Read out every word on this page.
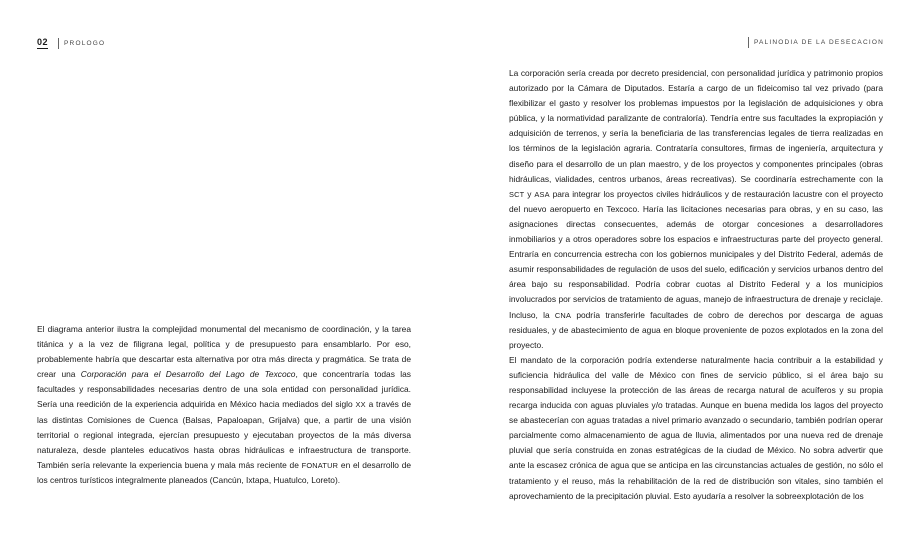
02 PROLOGO

El diagrama anterior ilustra la complejidad monumental del mecanismo de coordinación, y la tarea titánica y a la vez de filigrana legal, política y de presupuesto para ensamblarlo. Por eso, probablemente habría que descartar esta alternativa por otra más directa y pragmática. Se trata de crear una Corporación para el Desarrollo del Lago de Texcoco, que concentraría todas las facultades y responsabilidades necesarias dentro de una sola entidad con personalidad jurídica. Sería una reedición de la experiencia adquirida en México hacia mediados del siglo XX a través de las distintas Comisiones de Cuenca (Balsas, Papaloapan, Grijalva) que, a partir de una visión territorial o regional integrada, ejercían presupuesto y ejecutaban proyectos de la más diversa naturaleza, desde planteles educativos hasta obras hidráulicas e infraestructura de transporte. También sería relevante la experiencia buena y mala más reciente de FONATUR en el desarrollo de los centros turísticos integralmente planeados (Cancún, Ixtapa, Huatulco, Loreto).

PALINODIA DE LA DESECACION

La corporación sería creada por decreto presidencial, con personalidad jurídica y patrimonio propios autorizado por la Cámara de Diputados. Estaría a cargo de un fideicomiso tal vez privado (para flexibilizar el gasto y resolver los problemas impuestos por la legislación de adquisiciones y obra pública, y la normatividad paralizante de contraloría). Tendría entre sus facultades la expropiación y adquisición de terrenos, y sería la beneficiaria de las transferencias legales de tierra realizadas en los términos de la legislación agraria. Contrataría consultores, firmas de ingeniería, arquitectura y diseño para el desarrollo de un plan maestro, y de los proyectos y componentes principales (obras hidráulicas, vialidades, centros urbanos, áreas recreativas). Se coordinaría estrechamente con la SCT y ASA para integrar los proyectos civiles hidráulicos y de restauración lacustre con el proyecto del nuevo aeropuerto en Texcoco. Haría las licitaciones necesarias para obras, y en su caso, las asignaciones directas consecuentes, además de otorgar concesiones a desarrolladores inmobiliarios y a otros operadores sobre los espacios e infraestructuras parte del proyecto general. Entraría en concurrencia estrecha con los gobiernos municipales y del Distrito Federal, además de asumir responsabilidades de regulación de usos del suelo, edificación y servicios urbanos dentro del área bajo su responsabilidad. Podría cobrar cuotas al Distrito Federal y a los municipios involucrados por servicios de tratamiento de aguas, manejo de infraestructura de drenaje y reciclaje. Incluso, la CNA podría transferirle facultades de cobro de derechos por descarga de aguas residuales, y de abastecimiento de agua en bloque proveniente de pozos explotados en la zona del proyecto.

El mandato de la corporación podría extenderse naturalmente hacia contribuir a la estabilidad y suficiencia hidráulica del valle de México con fines de servicio público, si el área bajo su responsabilidad incluyese la protección de las áreas de recarga natural de acuíferos y su propia recarga inducida con aguas pluviales y/o tratadas. Aunque en buena medida los lagos del proyecto se abastecerían con aguas tratadas a nivel primario avanzado o secundario, también podrían operar parcialmente como almacenamiento de agua de lluvia, alimentados por una nueva red de drenaje pluvial que sería construida en zonas estratégicas de la ciudad de México. No sobra advertir que ante la escasez crónica de agua que se anticipa en las circunstancias actuales de gestión, no sólo el tratamiento y el reuso, más la rehabilitación de la red de distribución son vitales, sino también el aprovechamiento de la precipitación pluvial. Esto ayudaría a resolver la sobreexplotación de los
